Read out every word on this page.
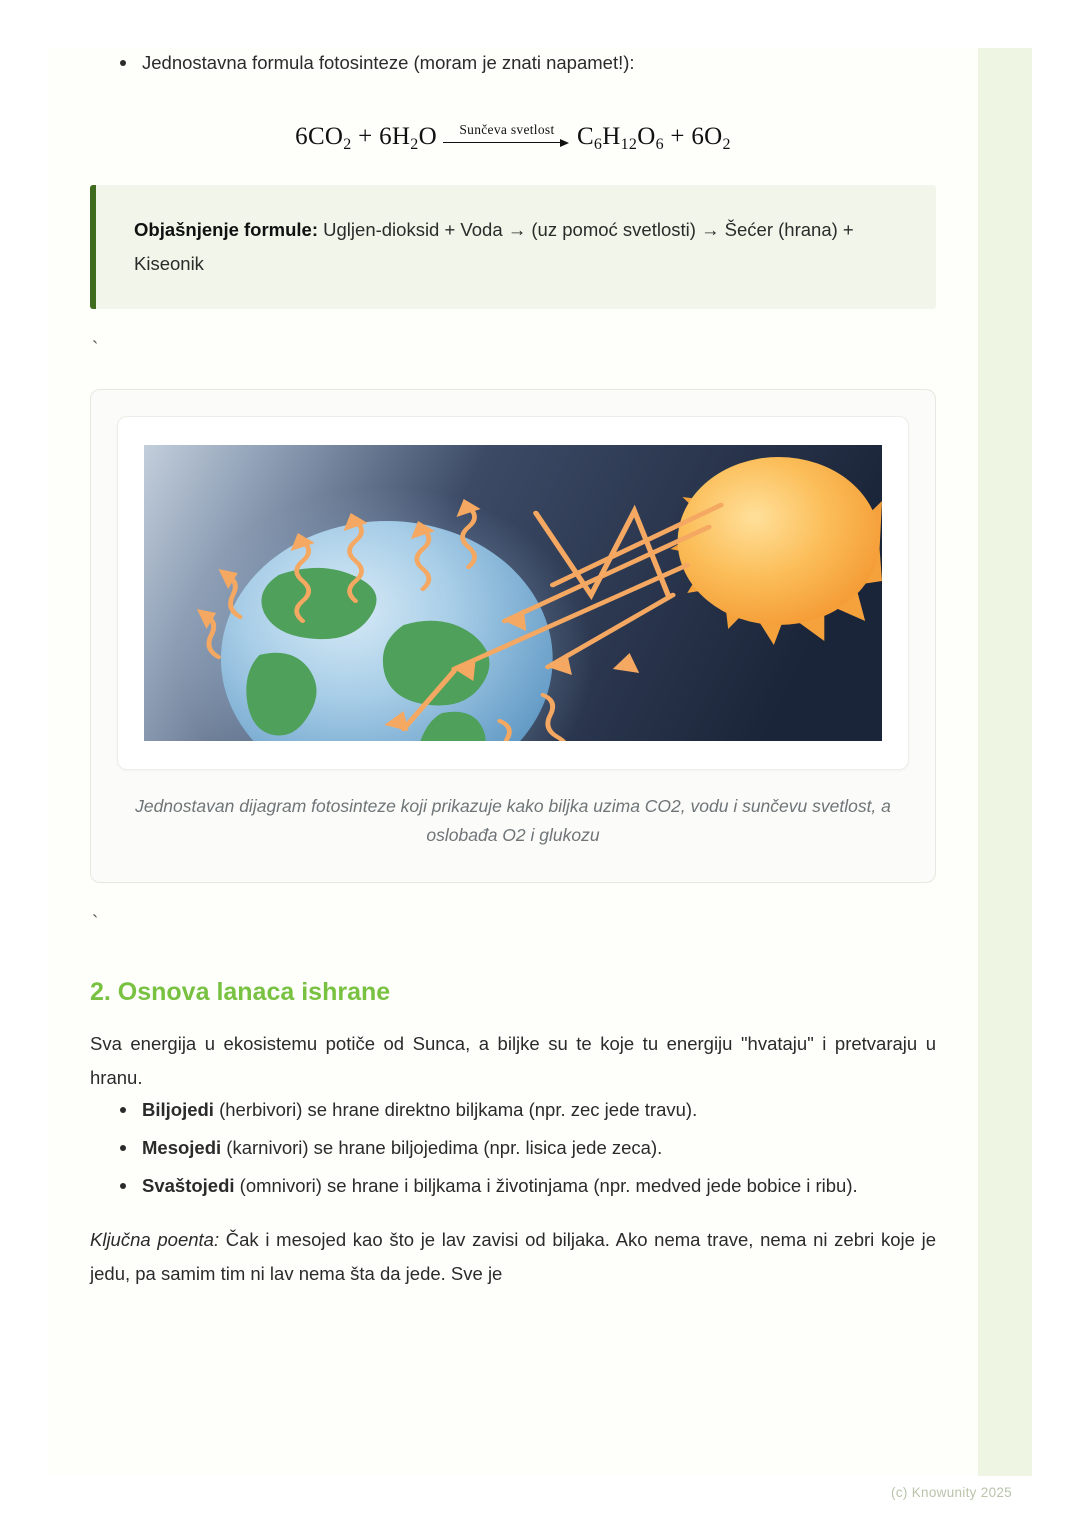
Jednostavna formula fotosinteze (moram je znati napamet!):
$6CO_2 + 6H_2O$ Sunčeva svetlost $C_6H_{12}O_6 + 6O_2$

Objašnjenje formule: Ugljen-dioksid + Voda → (uz pomoć svetlosti) → Šećer (hrana) + Kiseonik

`
Jednostavan dijagram fotosinteze koji prikazuje kako biljka uzima CO2, vodu i sunčevu svetlost, a oslobađa O2 i glukozu
`
2. Osnova lanaca ishrane

Sva energija u ekosistemu potiče od Sunca, a biljke su te koje tu energiju "hvataju" i pretvaraju u hranu.

Biljojedi (herbivori) se hrane direktno biljkama (npr. zec jede travu).
Mesojedi (karnivori) se hrane biljojedima (npr. lisica jede zeca).
Svaštojedi (omnivori) se hrane i biljkama i životinjama (npr. medved jede bobice i ribu).

Ključna poenta: Čak i mesojed kao što je lav zavisi od biljaka. Ako nema trave, nema ni zebri koje je jedu, pa samim tim ni lav nema šta da jede. Sve je

(c) Knowunity 2025
